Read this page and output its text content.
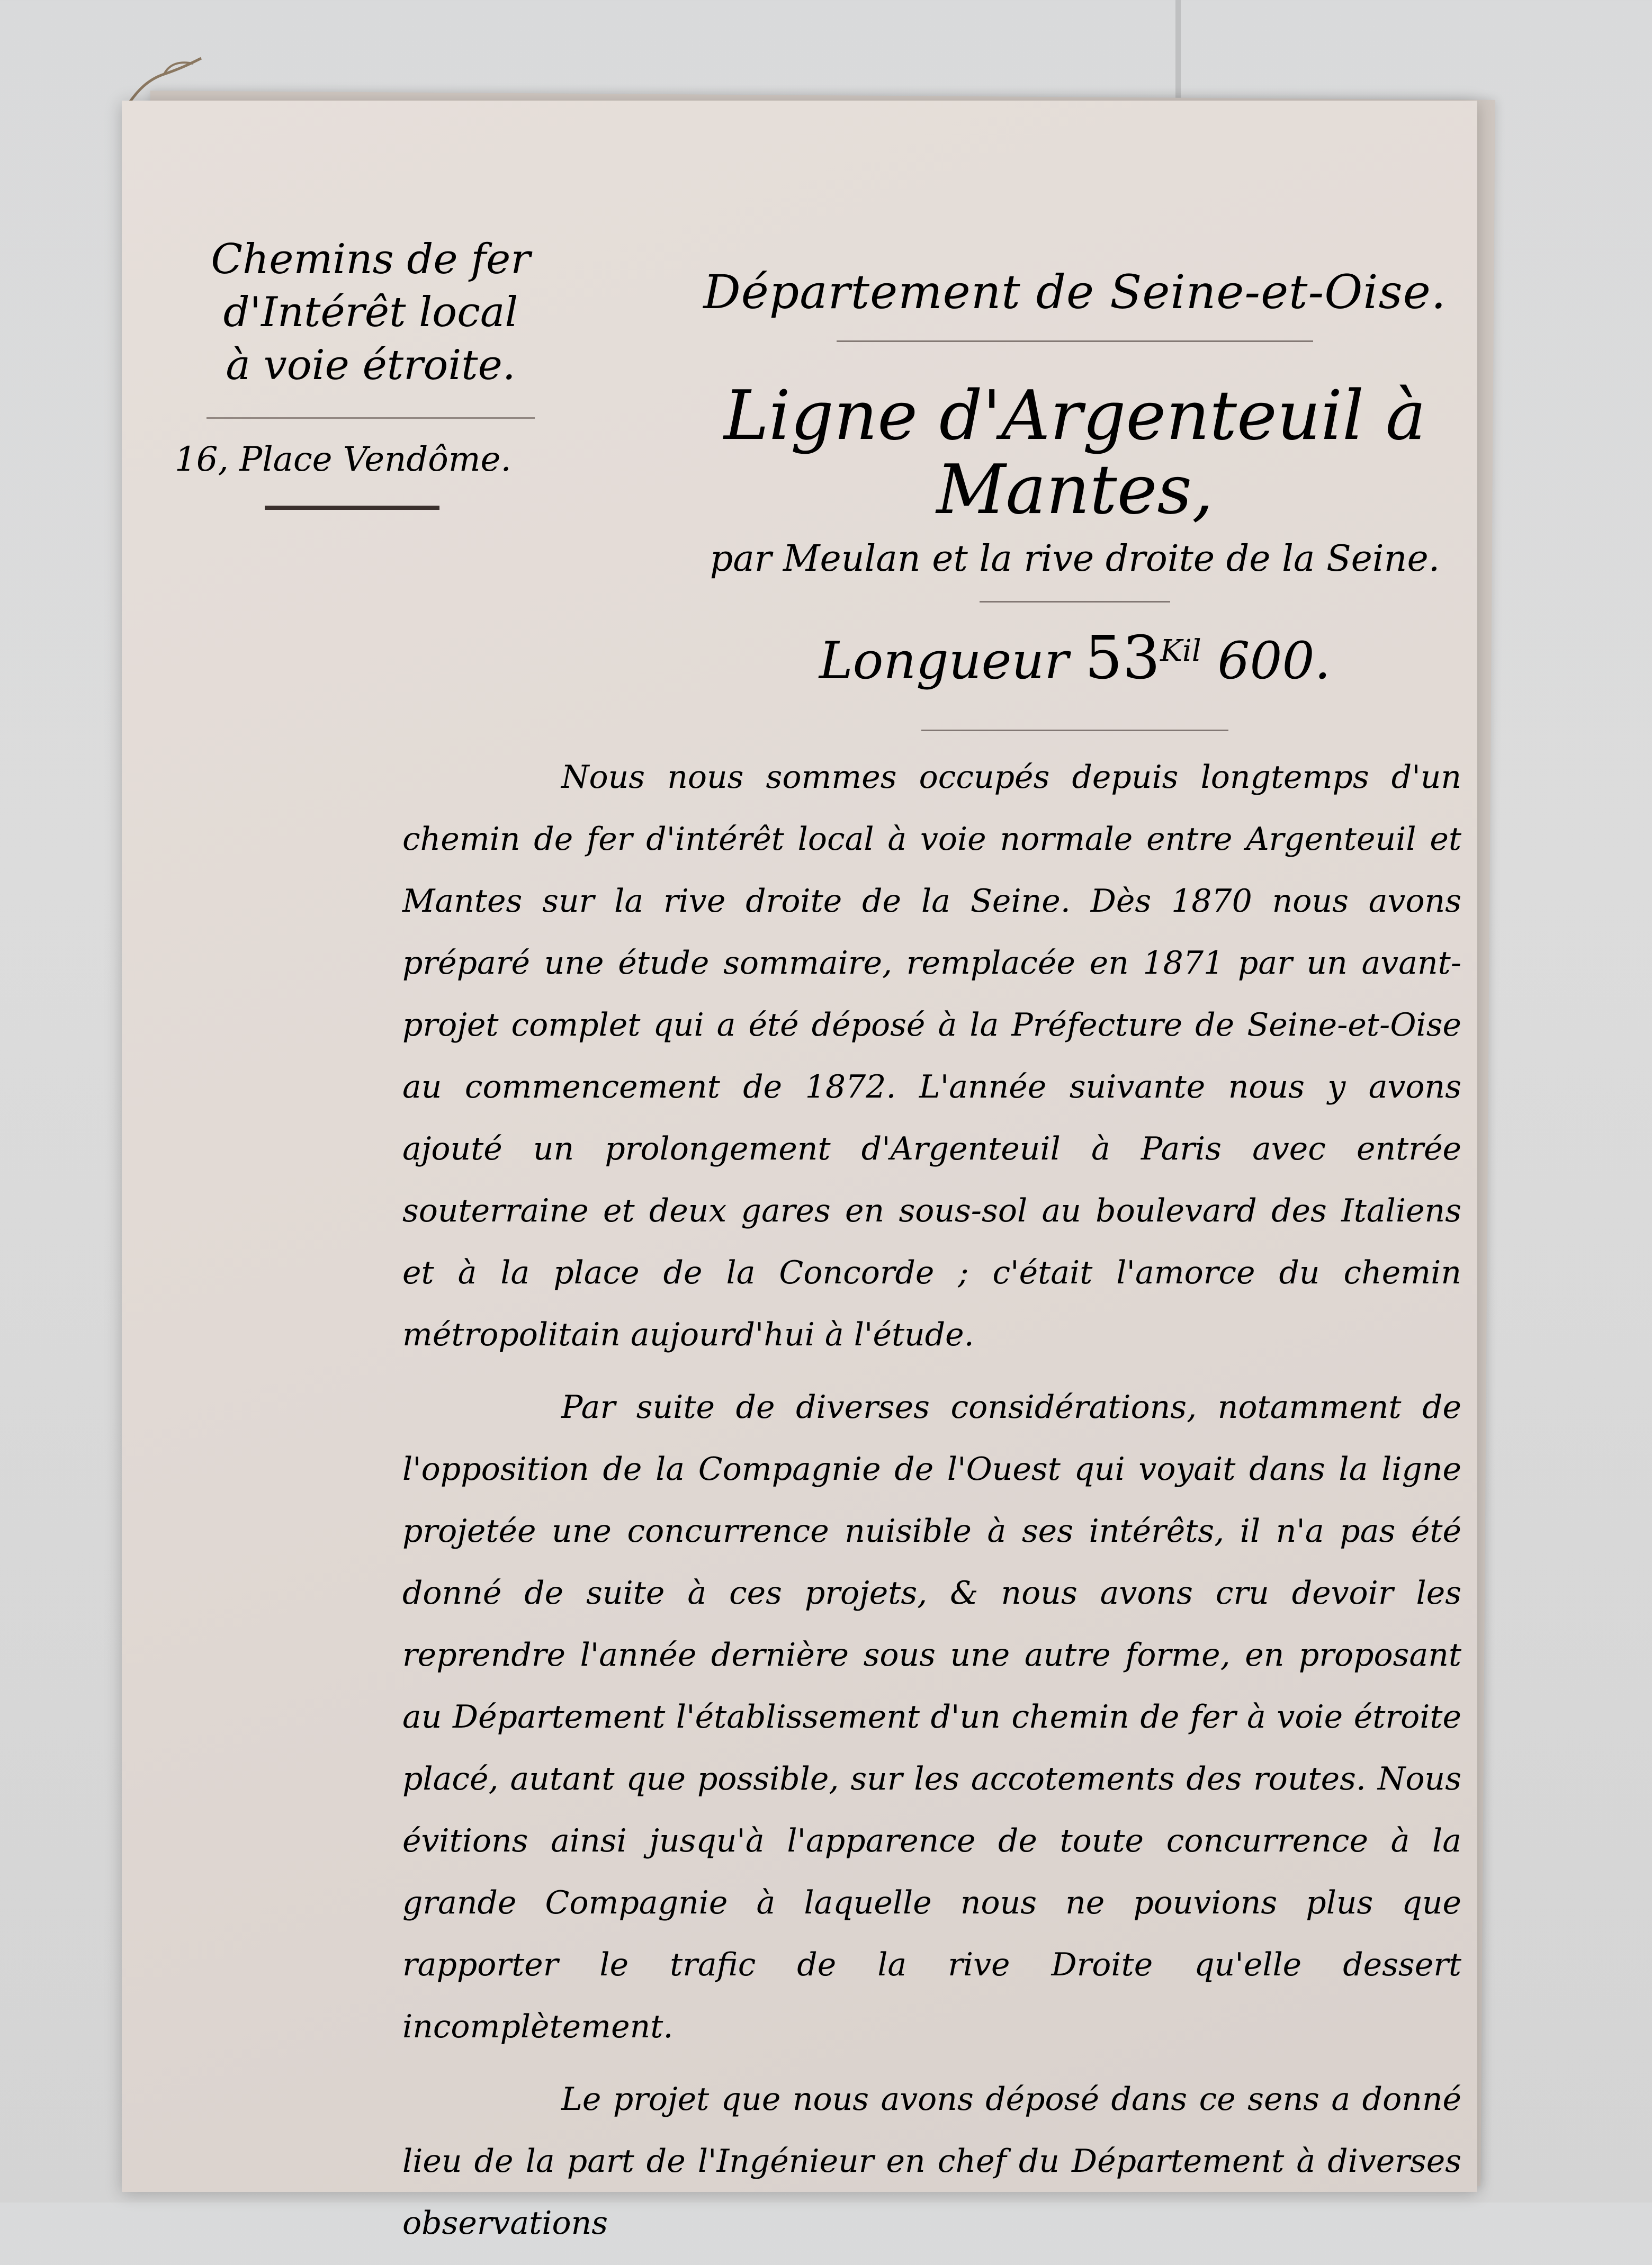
Chemins de fer
d'Intérêt local
à voie étroite.

16, Place Vendôme.

Département de Seine-et-Oise.

Ligne d'Argenteuil à Mantes,

par Meulan et la rive droite de la Seine.

Longueur $53^{Kil}$ 600.

Nous nous sommes occupés depuis longtemps d'un chemin de fer d'intérêt local à voie normale entre Argenteuil et Mantes sur la rive droite de la Seine. Dès 1870 nous avons préparé une étude sommaire, remplacée en 1871 par un avant-projet complet qui a été déposé à la Préfecture de Seine-et-Oise au commencement de 1872. L'année suivante nous y avons ajouté un prolongement d'Argenteuil à Paris avec entrée souterraine et deux gares en sous-sol au boulevard des Italiens et à la place de la Concorde ; c'était l'amorce du chemin métropolitain aujourd'hui à l'étude.

Par suite de diverses considérations, notamment de l'opposition de la Compagnie de l'Ouest qui voyait dans la ligne projetée une concurrence nuisible à ses intérêts, il n'a pas été donné de suite à ces projets, & nous avons cru devoir les reprendre l'année dernière sous une autre forme, en proposant au Département l'établissement d'un chemin de fer à voie étroite placé, autant que possible, sur les accotements des routes. Nous évitions ainsi jusqu'à l'apparence de toute concurrence à la grande Compagnie à laquelle nous ne pouvions plus que rapporter le trafic de la rive Droite qu'elle dessert incomplètement.

Le projet que nous avons déposé dans ce sens a donné lieu de la part de l'Ingénieur en chef du Département à diverses observations
